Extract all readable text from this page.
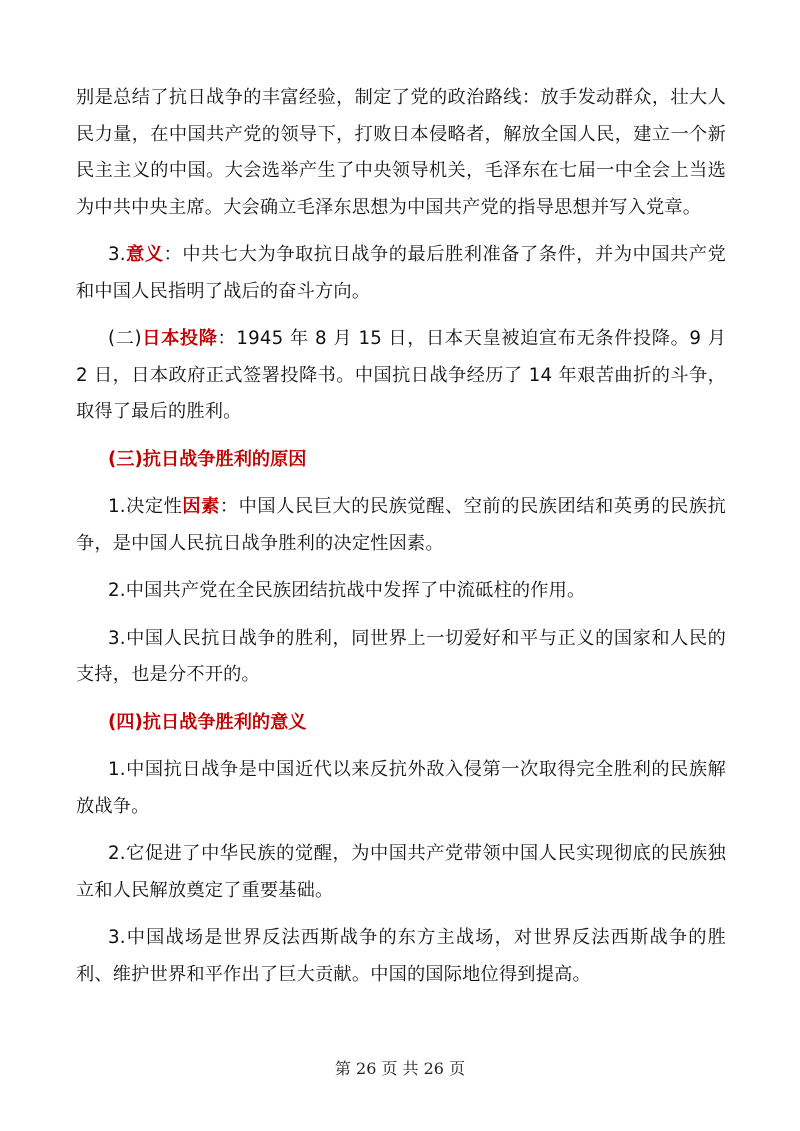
别是总结了抗日战争的丰富经验，制定了党的政治路线：放手发动群众，壮大人民力量，在中国共产党的领导下，打败日本侵略者，解放全国人民，建立一个新民主主义的中国。大会选举产生了中央领导机关，毛泽东在七届一中全会上当选为中共中央主席。大会确立毛泽东思想为中国共产党的指导思想并写入党章。

3.意义：中共七大为争取抗日战争的最后胜利准备了条件，并为中国共产党和中国人民指明了战后的奋斗方向。

(二)日本投降：1945 年 8 月 15 日，日本天皇被迫宣布无条件投降。9 月 2 日，日本政府正式签署投降书。中国抗日战争经历了 14 年艰苦曲折的斗争，取得了最后的胜利。

(三)抗日战争胜利的原因

1.决定性因素：中国人民巨大的民族觉醒、空前的民族团结和英勇的民族抗争，是中国人民抗日战争胜利的决定性因素。

2.中国共产党在全民族团结抗战中发挥了中流砥柱的作用。

3.中国人民抗日战争的胜利，同世界上一切爱好和平与正义的国家和人民的支持，也是分不开的。

(四)抗日战争胜利的意义

1.中国抗日战争是中国近代以来反抗外敌入侵第一次取得完全胜利的民族解放战争。

2.它促进了中华民族的觉醒，为中国共产党带领中国人民实现彻底的民族独立和人民解放奠定了重要基础。

3.中国战场是世界反法西斯战争的东方主战场，对世界反法西斯战争的胜利、维护世界和平作出了巨大贡献。中国的国际地位得到提高。

第 26 页 共 26 页
